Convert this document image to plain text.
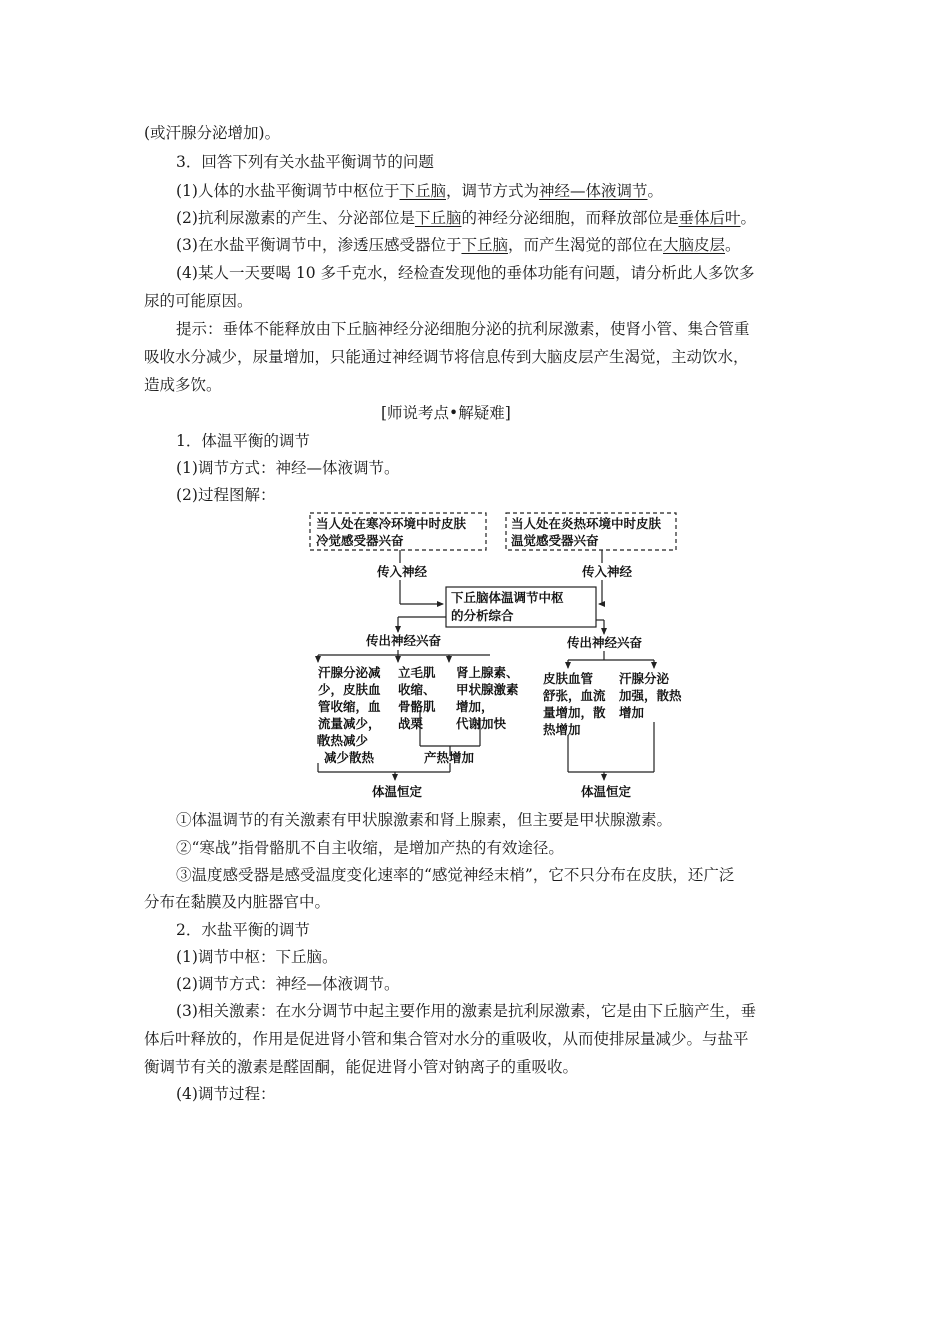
(或汗腺分泌增加)。
3．回答下列有关水盐平衡调节的问题
(1)人体的水盐平衡调节中枢位于下丘脑，调节方式为神经—体液调节。
(2)抗利尿激素的产生、分泌部位是下丘脑的神经分泌细胞，而释放部位是垂体后叶。
(3)在水盐平衡调节中，渗透压感受器位于下丘脑，而产生渴觉的部位在大脑皮层。
(4)某人一天要喝 10 多千克水，经检查发现他的垂体功能有问题，请分析此人多饮多
尿的可能原因。
提示：垂体不能释放由下丘脑神经分泌细胞分泌的抗利尿激素，使肾小管、集合管重
吸收水分减少，尿量增加，只能通过神经调节将信息传到大脑皮层产生渴觉，主动饮水，
造成多饮。
[师说考点•解疑难]
1．体温平衡的调节
(1)调节方式：神经—体液调节。
(2)过程图解：
①体温调节的有关激素有甲状腺激素和肾上腺素，但主要是甲状腺激素。
②“寒战”指骨骼肌不自主收缩，是增加产热的有效途径。
③温度感受器是感受温度变化速率的“感觉神经末梢”，它不只分布在皮肤，还广泛
分布在黏膜及内脏器官中。
2．水盐平衡的调节
(1)调节中枢：下丘脑。
(2)调节方式：神经—体液调节。
(3)相关激素：在水分调节中起主要作用的激素是抗利尿激素，它是由下丘脑产生，垂
体后叶释放的，作用是促进肾小管和集合管对水分的重吸收，从而使排尿量减少。与盐平
衡调节有关的激素是醛固酮，能促进肾小管对钠离子的重吸收。
(4)调节过程：
当人处在寒冷环境中时皮肤 冷觉感受器兴奋
当人处在炎热环境中时皮肤 温觉感受器兴奋
传入神经	传入神经
下丘脑体温调节中枢 的分析综合
传出神经兴奋	传出神经兴奋
汗腺分泌减 少，皮肤血 管收缩，血 流量减少， 散热减少
立毛肌 收缩、 骨骼肌 战栗
肾上腺素、 甲状腺激素 增加， 代谢加快
减少散热	产热增加
体温恒定
皮肤血管 舒张，血流 量增加，散 热增加
汗腺分泌 加强，散热 增加
体温恒定
